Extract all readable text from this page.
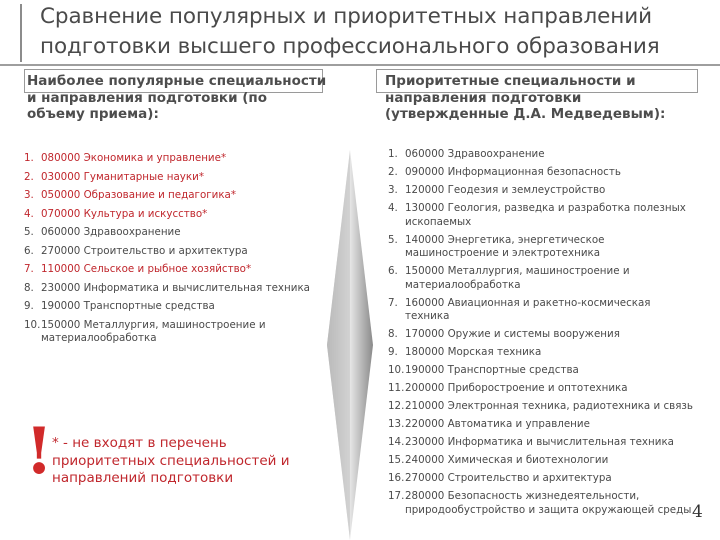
Сравнение популярных и приоритетных направлений подготовки высшего профессионального образования
Наиболее популярные специальности и направления подготовки (по объему приема):
Приоритетные специальности и направления подготовки (утвержденные Д.А. Медведевым):
1. 080000 Экономика и управление*
2. 030000 Гуманитарные науки*
3. 050000 Образование и педагогика*
4. 070000 Культура и искусство*
5. 060000 Здравоохранение
6. 270000 Строительство и архитектура
7. 110000 Сельское и рыбное хозяйство*
8. 230000 Информатика и вычислительная техника
9. 190000 Транспортные средства
10. 150000 Металлургия, машиностроение и материалообработка
1. 060000 Здравоохранение
2. 090000 Информационная безопасность
3. 120000 Геодезия и землеустройство
4. 130000 Геология, разведка и разработка полезных ископаемых
5. 140000 Энергетика, энергетическое машиностроение и электротехника
6. 150000 Металлургия, машиностроение и материалообработка
7. 160000 Авиационная и ракетно-космическая техника
8. 170000 Оружие и системы вооружения
9. 180000 Морская техника
10. 190000 Транспортные средства
11. 200000 Приборостроение и оптотехника
12. 210000 Электронная техника, радиотехника и связь
13. 220000 Автоматика и управление
14. 230000 Информатика и вычислительная техника
15. 240000 Химическая и биотехнологии
16. 270000 Строительство и архитектура
17. 280000 Безопасность жизнедеятельности, природообустройство и защита окружающей среды
!
* - не входят в перечень приоритетных специальностей и направлений подготовки
4
